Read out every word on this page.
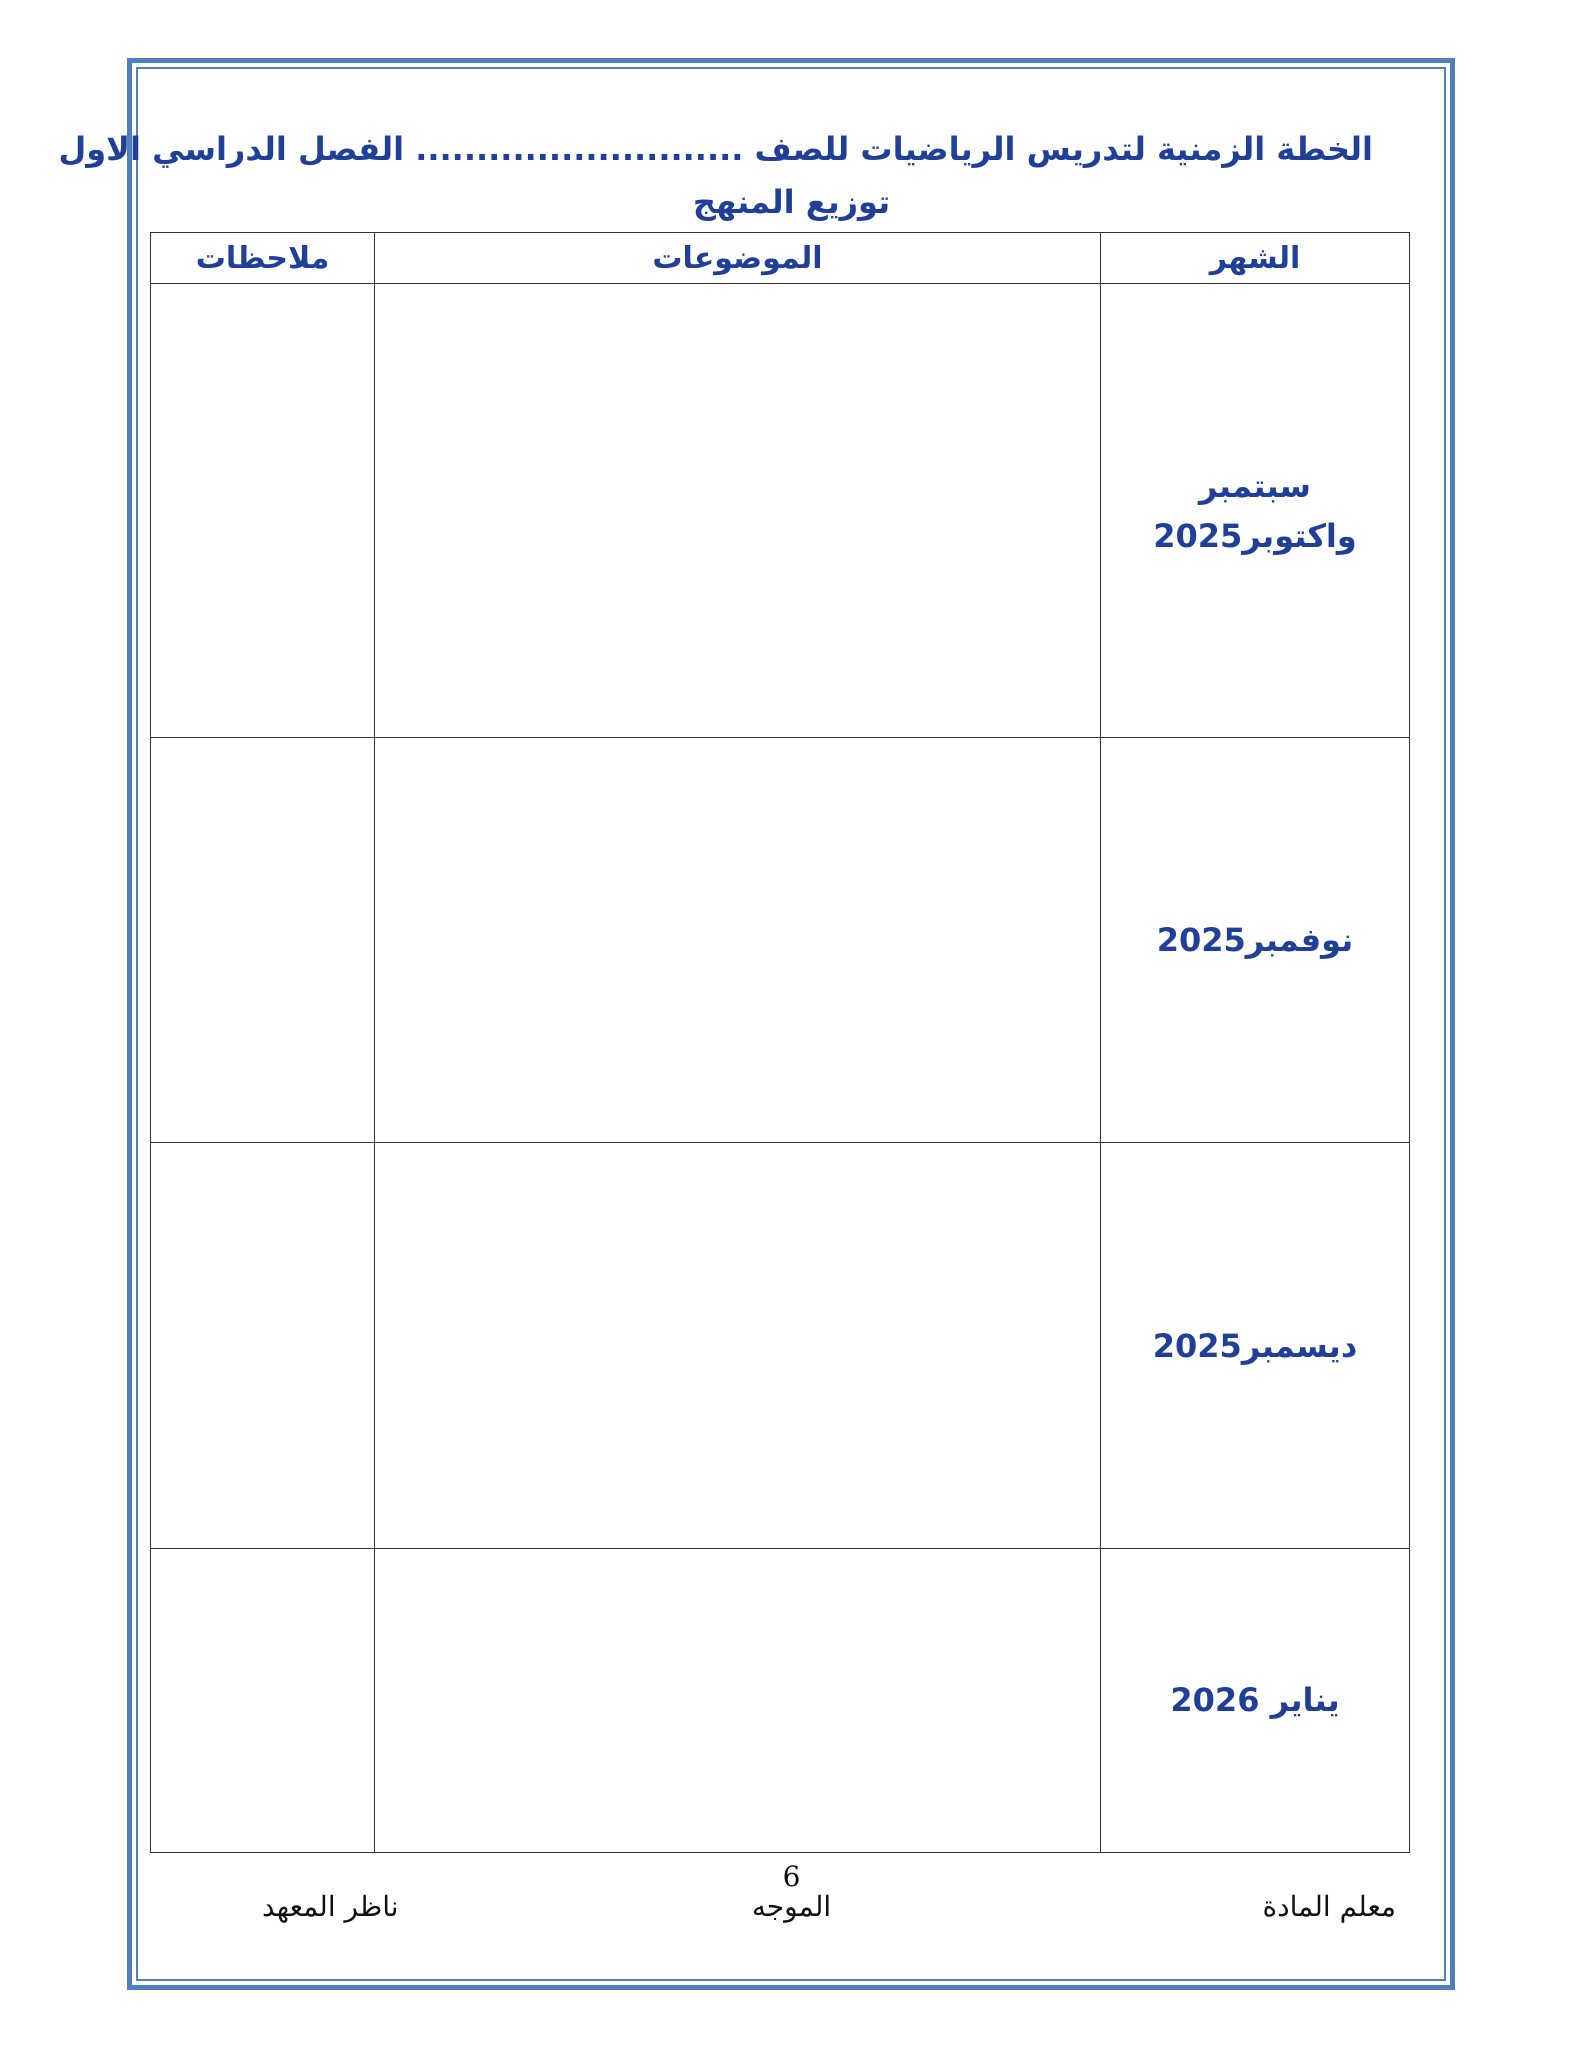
الخطة الزمنية لتدريس الرياضيات للصف ........................... الفصل الدراسي الاول
توزيع المنهج
الشهر	الموضوعات	ملاحظات

سبتمبر
واكتوبر2025		

نوفمبر2025		

ديسمبر2025		

يناير 2026		

6
معلم المادة
الموجه
ناظر المعهد
